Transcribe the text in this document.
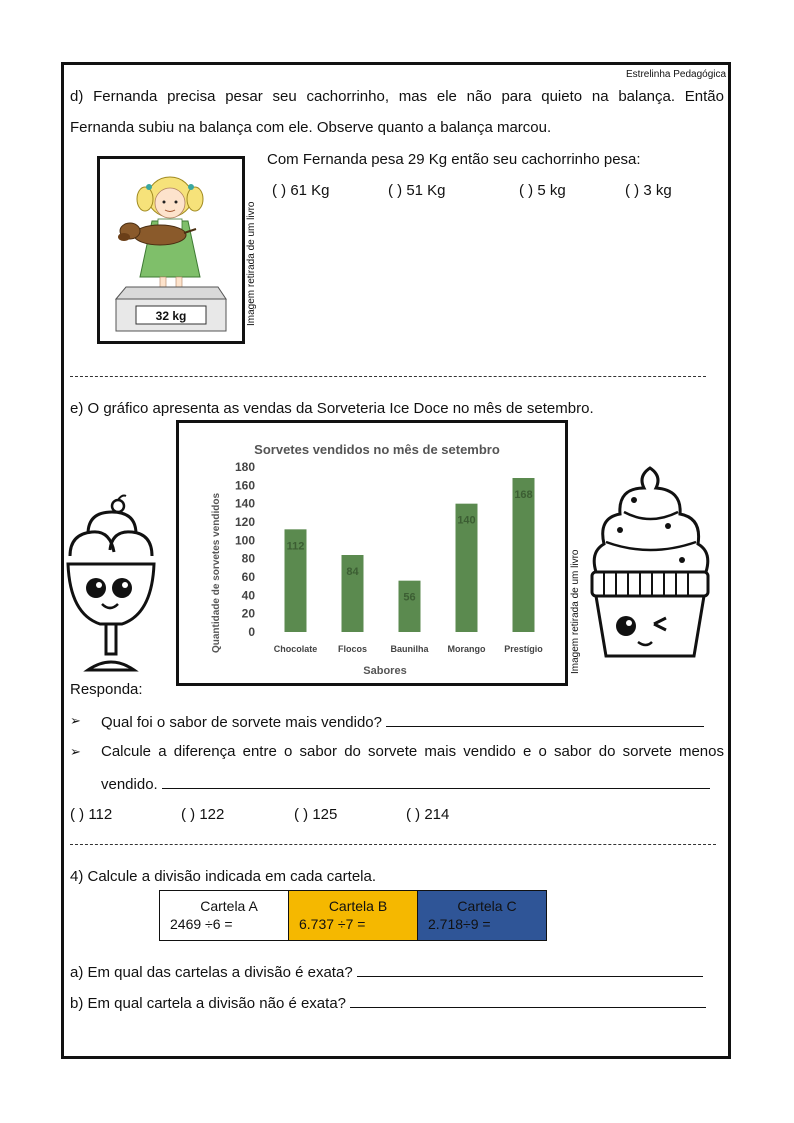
Estrelinha Pedagógica
d) Fernanda precisa pesar seu cachorrinho, mas ele não para quieto na balança. Então
Fernanda subiu na balança com ele. Observe quanto a balança marcou.
32 kg	Imagem retirada de um livro
Com Fernanda pesa 29 Kg então seu cachorrinho pesa:
( ) 61 Kg	( ) 51 Kg	( ) 5 kg	( ) 3 kg
e) O gráfico apresenta as vendas da Sorveteria Ice Doce no mês de setembro.
Sorvetes vendidos no mês de setembro
Quantidade de sorvetes vendidos
Sabores
0
20
40
60
80
100
120
140
160
180
112
84
56
140
168
Chocolate Flocos	Baunilha Morango Prestígio	Imagem retirada de um livro
Responda:
➢ Qual foi o sabor de sorvete mais vendido?
➢ Calcule a diferença entre o sabor do sorvete mais vendido e o sabor do sorvete menos
vendido.
( ) 112	( ) 122	( ) 125	( ) 214
4) Calcule a divisão indicada em cada cartela.
Cartela A
2469 ÷6 =

Cartela B
6.737 ÷7 =

Cartela C
2.718÷9 =
a) Em qual das cartelas a divisão é exata?
b) Em qual cartela a divisão não é exata?
